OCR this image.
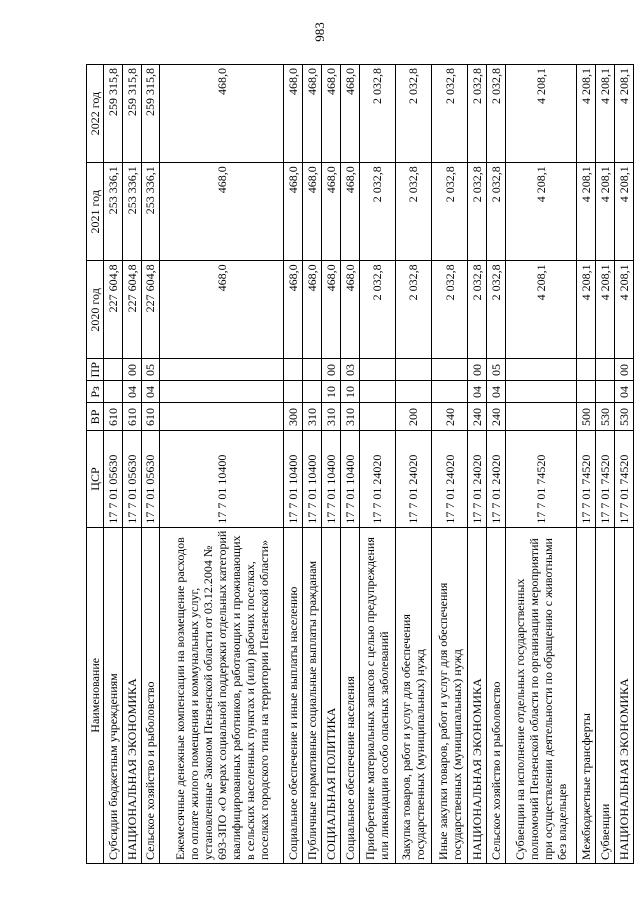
983
Наименование	ЦСР	ВР	Рз	ПР	2020 год	2021 год	2022 год
Субсидии бюджетным учреждениям	17 7 01 05630	610			227 604,8	253 336,1	259 315,8
НАЦИОНАЛЬНАЯ ЭКОНОМИКА	17 7 01 05630	610	04	00	227 604,8	253 336,1	259 315,8
Сельское хозяйство и рыболовство	17 7 01 05630	610	04	05	227 604,8	253 336,1	259 315,8
Ежемесячные денежные компенсации на возмещение расходов по оплате жилого помещения и коммунальных услуг, установленные Законом Пензенской области от 03.12.2004 № 693-ЗПО «О мерах социальной поддержки отдельных категорий квалифицированных работников, работающих и проживающих в сельских населенных пунктах и (или) рабочих поселках, поселках городского типа на территории Пензенской области»	17 7 01 10400				468,0	468,0	468,0
Социальное обеспечение и иные выплаты населению	17 7 01 10400	300			468,0	468,0	468,0
Публичные нормативные социальные выплаты гражданам	17 7 01 10400	310			468,0	468,0	468,0
СОЦИАЛЬНАЯ ПОЛИТИКА	17 7 01 10400	310	10	00	468,0	468,0	468,0
Социальное обеспечение населения	17 7 01 10400	310	10	03	468,0	468,0	468,0
Приобретение материальных запасов с целью предупреждения или ликвидации особо опасных заболеваний	17 7 01 24020				2 032,8	2 032,8	2 032,8
Закупка товаров, работ и услуг для обеспечения государственных (муниципальных) нужд	17 7 01 24020	200			2 032,8	2 032,8	2 032,8
Иные закупки товаров, работ и услуг для обеспечения государственных (муниципальных) нужд	17 7 01 24020	240			2 032,8	2 032,8	2 032,8
НАЦИОНАЛЬНАЯ ЭКОНОМИКА	17 7 01 24020	240	04	00	2 032,8	2 032,8	2 032,8
Сельское хозяйство и рыболовство	17 7 01 24020	240	04	05	2 032,8	2 032,8	2 032,8
Субвенции на исполнение отдельных государственных полномочий Пензенской области по организации мероприятий при осуществлении деятельности по обращению с животными без владельцев	17 7 01 74520				4 208,1	4 208,1	4 208,1
Межбюджетные трансферты	17 7 01 74520	500			4 208,1	4 208,1	4 208,1
Субвенции	17 7 01 74520	530			4 208,1	4 208,1	4 208,1
НАЦИОНАЛЬНАЯ ЭКОНОМИКА	17 7 01 74520	530	04	00	4 208,1	4 208,1	4 208,1
